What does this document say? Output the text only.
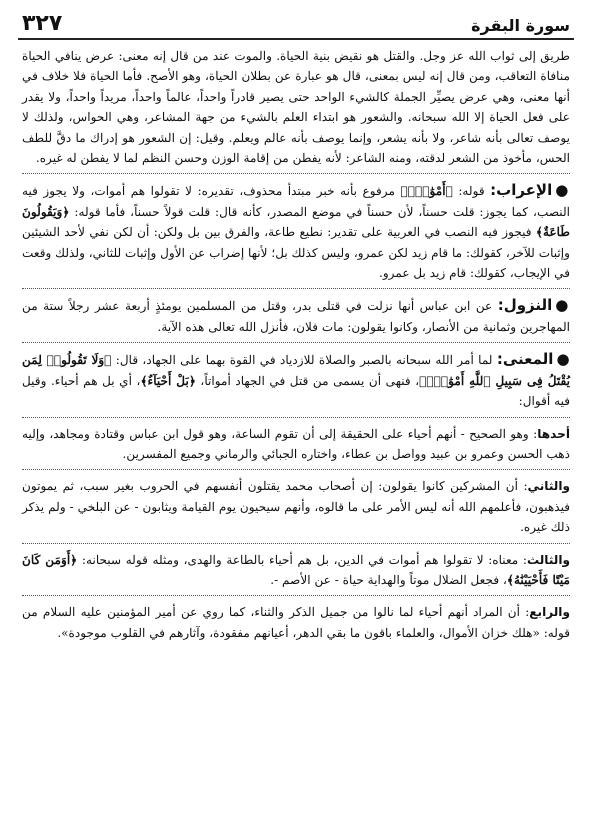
سورة البقرة
٣٢٧

طريق إلى ثواب الله عز وجل. والقتل هو نقيض بنية الحياة. والموت عند من قال إنه معنى: عرض ينافي الحياة منافاة التعاقب، ومن قال إنه ليس بمعنى، قال هو عبارة عن بطلان الحياة، وهو الأصح. فأما الحياة فلا خلاف في أنها معنى، وهي عرض يصيِّر الجملة كالشيء الواحد حتى يصير قادراً واحداً، عالماً واحداً، مريداً واحداً، ولا يقدر على فعل الحياة إلا الله سبحانه. والشعور هو ابتداء العلم بالشيء من جهة المشاعر، وهي الحواس، ولذلك لا يوصف تعالى بأنه شاعر، ولا بأنه يشعر، وإنما يوصف بأنه عالم ويعلم. وقيل: إن الشعور هو إدراك ما دقَّ للطف الحس، مأخوذ من الشعر لدقته، ومنه الشاعر: لأنه يفطن من إقامة الوزن وحسن النظم لما لا يفطن له غيره.

●الإعراب: قوله: ﴿أَمْوَٰتٌۢ﴾ مرفوع بأنه خبر مبتدأ محذوف، تقديره: لا تقولوا هم أموات، ولا يجوز فيه النصب، كما يجوز: قلت حسناً، لأن حسناً في موضع المصدر، كأنه قال: قلت قولاً حسناً، فأما قوله: ﴿وَيَقُولُونَ طَاعَةٌ﴾ فيجوز فيه النصب في العربية على تقدير: نطيع طاعة، والفرق بين بل ولكن: أن لكن نفي لأحد الشيئين وإثبات للآخر، كقولك: ما قام زيد لكن عمرو، وليس كذلك بل؛ لأنها إضراب عن الأول وإثبات للثاني، ولذلك وقعت في الإيجاب، كقولك: قام زيد بل عمرو.

●النزول: عن ابن عباس أنها نزلت في قتلى بدر، وقتل من المسلمين يومئذٍ أربعة عشر رجلاً ستة من المهاجرين وثمانية من الأنصار، وكانوا يقولون: مات فلان، فأنزل الله تعالى هذه الآية.

●المعنى: لما أمر الله سبحانه بالصبر والصلاة للازدياد في القوة بهما على الجهاد، قال: ﴿وَلَا تَقُولُوا۟ لِمَن يُقْتَلُ فِى سَبِيلِ ٱللَّهِ أَمْوَٰتٌۢ﴾، فنهى أن يسمى من قتل في الجهاد أمواتاً، ﴿بَلْ أَحْيَآءٌ﴾، أي بل هم أحياء. وقيل فيه أقوال:

أحدها: وهو الصحيح - أنهم أحياء على الحقيقة إلى أن تقوم الساعة، وهو قول ابن عباس وقتادة ومجاهد، وإليه ذهب الحسن وعمرو بن عبيد وواصل بن عطاء، واختاره الجبائي والرماني وجميع المفسرين.

والثاني: أن المشركين كانوا يقولون: إن أصحاب محمد يقتلون أنفسهم في الحروب بغير سبب، ثم يموتون فيذهبون، فأعلمهم الله أنه ليس الأمر على ما قالوه، وأنهم سيحيون يوم القيامة ويثابون - عن البلخي - ولم يذكر ذلك غيره.

والثالث: معناه: لا تقولوا هم أموات في الدين، بل هم أحياء بالطاعة والهدى، ومثله قوله سبحانه: ﴿أَوَمَن كَانَ مَيْتًا فَأَحْيَيْنَٰهُ﴾، فجعل الضلال موتاً والهداية حياة - عن الأصم -.

والرابع: أن المراد أنهم أحياء لما نالوا من جميل الذكر والثناء، كما روي عن أمير المؤمنين عليه السلام من قوله: «هلك خزان الأموال، والعلماء باقون ما بقي الدهر، أعيانهم مفقودة، وآثارهم في القلوب موجودة».
